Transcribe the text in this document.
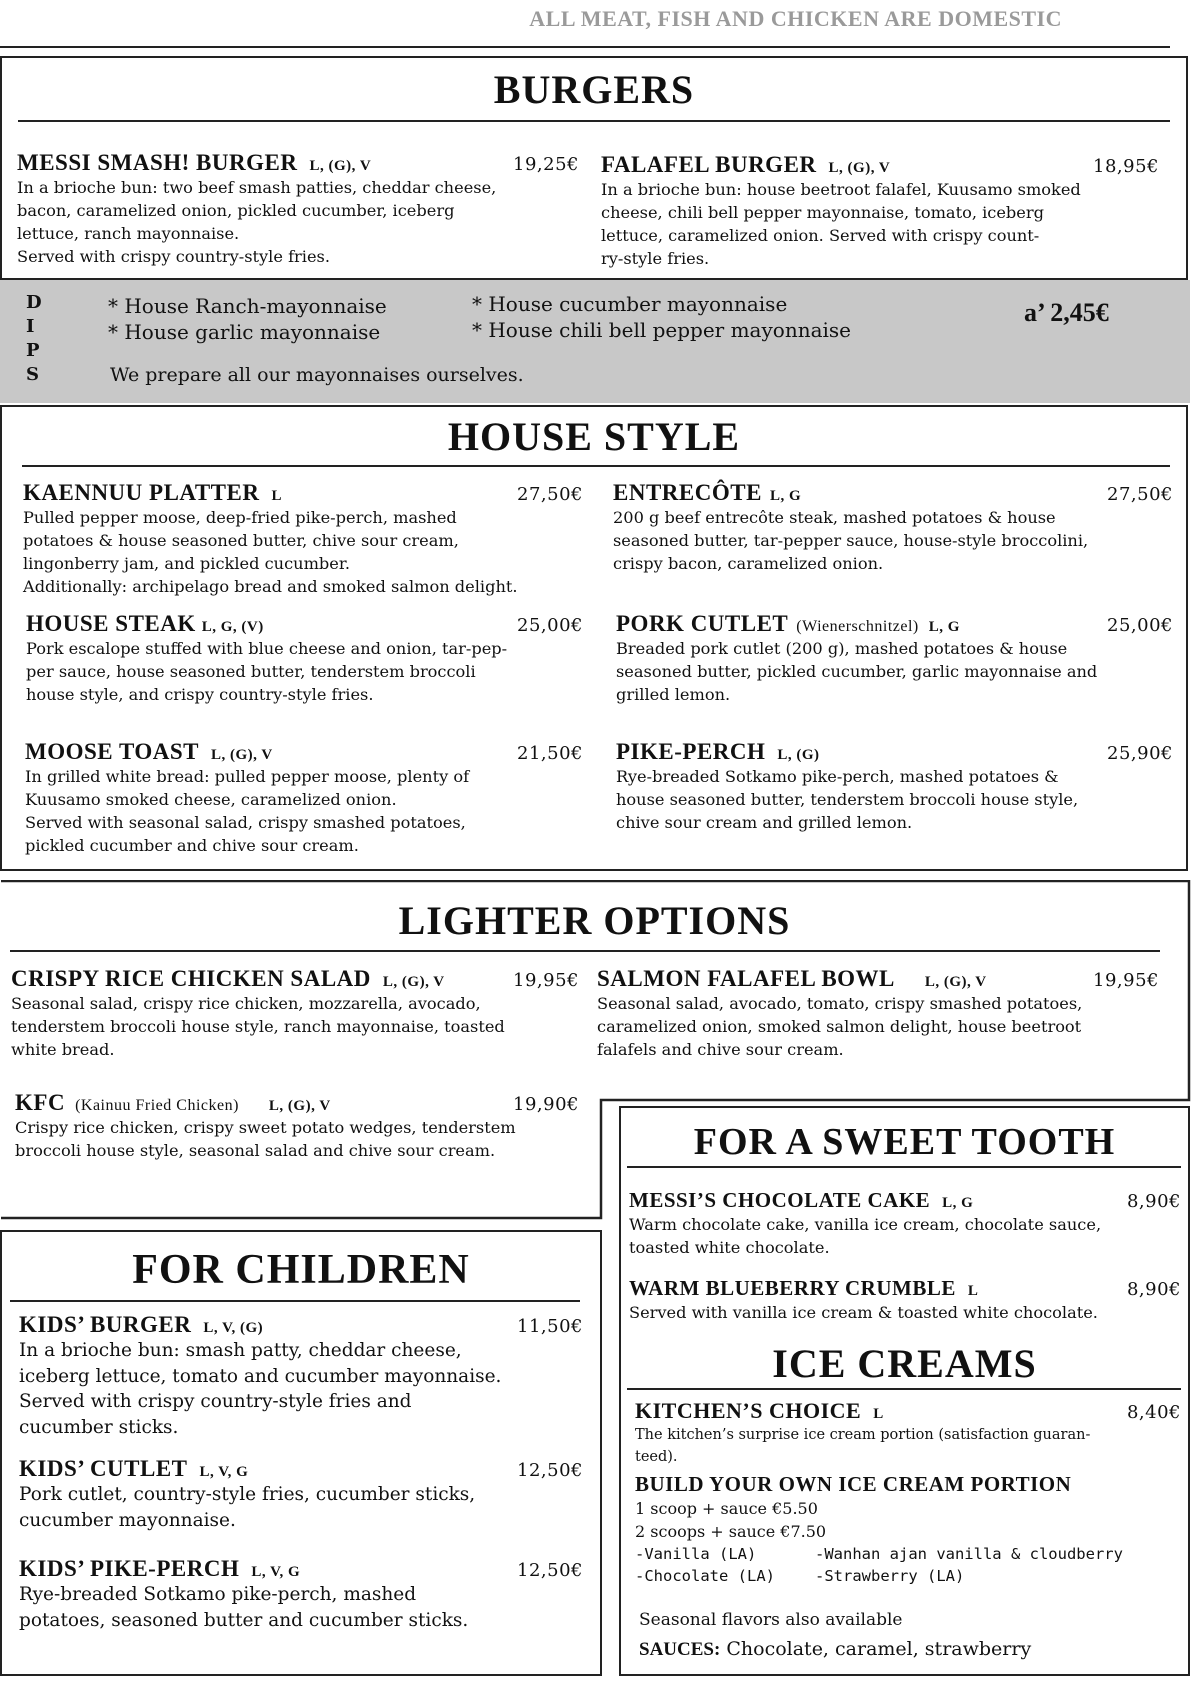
ALL MEAT, FISH AND CHICKEN ARE DOMESTIC
BURGERS
MESSI SMASH! BURGER L, (G), V	19,25€
In a brioche bun: two beef smash patties, cheddar cheese,
bacon, caramelized onion, pickled cucumber, iceberg
lettuce, ranch mayonnaise.
Served with crispy country-style fries.
FALAFEL BURGER L, (G), V	18,95€
In a brioche bun: house beetroot falafel, Kuusamo smoked
cheese, chili bell pepper mayonnaise, tomato, iceberg
lettuce, caramelized onion. Served with crispy count-
ry-style fries.
D
I
P
S
* House Ranch-mayonnaise
* House garlic mayonnaise
* House cucumber mayonnaise
* House chili bell pepper mayonnaise
a’ 2,45€
We prepare all our mayonnaises ourselves.
HOUSE STYLE
KAENNUU PLATTER L	27,50€
Pulled pepper moose, deep-fried pike-perch, mashed
potatoes & house seasoned butter, chive sour cream,
lingonberry jam, and pickled cucumber.
Additionally: archipelago bread and smoked salmon delight.
ENTRECÔTE L, G	27,50€
200 g beef entrecôte steak, mashed potatoes & house
seasoned butter, tar-pepper sauce, house-style broccolini,
crispy bacon, caramelized onion.
HOUSE STEAK L, G, (V)	25,00€
Pork escalope stuffed with blue cheese and onion, tar-pep-
per sauce, house seasoned butter, tenderstem broccoli
house style, and crispy country-style fries.
PORK CUTLET (Wienerschnitzel) L, G	25,00€
Breaded pork cutlet (200 g), mashed potatoes & house
seasoned butter, pickled cucumber, garlic mayonnaise and
grilled lemon.
MOOSE TOAST L, (G), V	21,50€
In grilled white bread: pulled pepper moose, plenty of
Kuusamo smoked cheese, caramelized onion.
Served with seasonal salad, crispy smashed potatoes,
pickled cucumber and chive sour cream.
PIKE-PERCH L, (G)	25,90€
Rye-breaded Sotkamo pike-perch, mashed potatoes &
house seasoned butter, tenderstem broccoli house style,
chive sour cream and grilled lemon.
LIGHTER OPTIONS
CRISPY RICE CHICKEN SALAD L, (G), V	19,95€
Seasonal salad, crispy rice chicken, mozzarella, avocado,
tenderstem broccoli house style, ranch mayonnaise, toasted
white bread.
SALMON FALAFEL BOWL L, (G), V	19,95€
Seasonal salad, avocado, tomato, crispy smashed potatoes,
caramelized onion, smoked salmon delight, house beetroot
falafels and chive sour cream.
KFC (Kainuu Fried Chicken) L, (G), V	19,90€
Crispy rice chicken, crispy sweet potato wedges, tenderstem
broccoli house style, seasonal salad and chive sour cream.
FOR CHILDREN
KIDS’ BURGER L, V, (G)	11,50€
In a brioche bun: smash patty, cheddar cheese,
iceberg lettuce, tomato and cucumber mayonnaise.
Served with crispy country-style fries and
cucumber sticks.
KIDS’ CUTLET L, V, G	12,50€
Pork cutlet, country-style fries, cucumber sticks,
cucumber mayonnaise.
KIDS’ PIKE-PERCH L, V, G	12,50€
Rye-breaded Sotkamo pike-perch, mashed
potatoes, seasoned butter and cucumber sticks.
FOR A SWEET TOOTH
MESSI’S CHOCOLATE CAKE L, G	8,90€
Warm chocolate cake, vanilla ice cream, chocolate sauce,
toasted white chocolate.
WARM BLUEBERRY CRUMBLE L	8,90€
Served with vanilla ice cream & toasted white chocolate.
ICE CREAMS
KITCHEN’S CHOICE L	8,40€
The kitchen’s surprise ice cream portion (satisfaction guaran-
teed).
BUILD YOUR OWN ICE CREAM PORTION
1 scoop + sauce €5.50
2 scoops + sauce €7.50
-Vanilla (LA)
-Chocolate (LA)
-Wanhan ajan vanilla & cloudberry
-Strawberry (LA)
Seasonal flavors also available
SAUCES: Chocolate, caramel, strawberry
